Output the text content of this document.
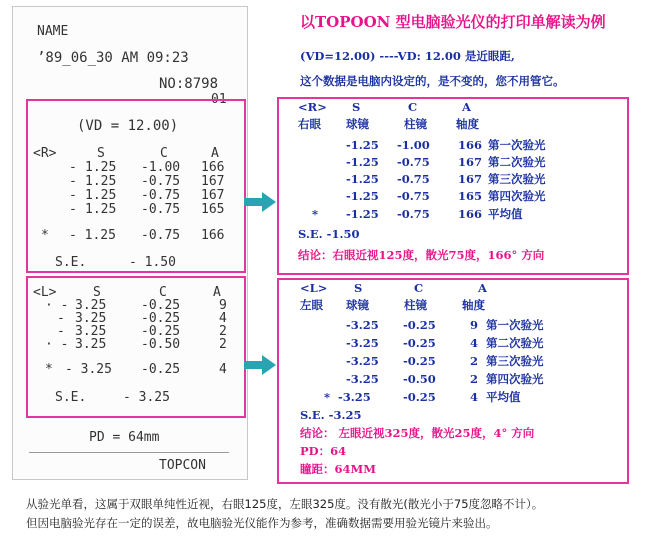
以TOPOON 型电脑验光仪的打印单解读为例
(VD=12.00) ----VD: 12.00 是近眼距,
这个数据是电脑内设定的，是不变的，您不用管它。
NAME
’89_06_30 AM 09:23
NO:8798
01
(VD = 12.00)
<R>	S	C	A
- 1.25 -1.00 166
- 1.25 -0.75 167
- 1.25 -0.75 167
- 1.25 -0.75 165
* - 1.25 -0.75 166
S.E.	- 1.50
<L>	S	C	A
· - 3.25	-0.25	9
- 3.25	-0.25	4
- 3.25	-0.25	2
· - 3.25	-0.50	2
* - 3.25 -0.25	4
S.E.	- 3.25
PD = 64mm
TOPCON
<R> S	C	A
右眼 球镜	柱镜	轴度
-1.25 -1.00 166 第一次验光
-1.25 -0.75 167 第二次验光
-1.25 -0.75 167 第三次验光
-1.25 -0.75 165 第四次验光
* -1.25 -0.75 166 平均值
S.E. -1.50
结论：右眼近视125度，散光75度，166° 方向
<L> S	C	A
左眼 球镜	柱镜	轴度
-3.25 -0.25	9 第一次验光
-3.25 -0.25	4 第二次验光
-3.25 -0.25	2 第三次验光
-3.25 -0.50	2 第四次验光
* -3.25	-0.25	4 平均值
S.E. -3.25
结论： 左眼近视325度，散光25度，4° 方向
PD：64
瞳距：64MM
从验光单看，这属于双眼单纯性近视，右眼125度，左眼325度。没有散光(散光小于75度忽略不计）。
但因电脑验光存在一定的误差，故电脑验光仪能作为参考，准确数据需要用验光镜片来验出。
